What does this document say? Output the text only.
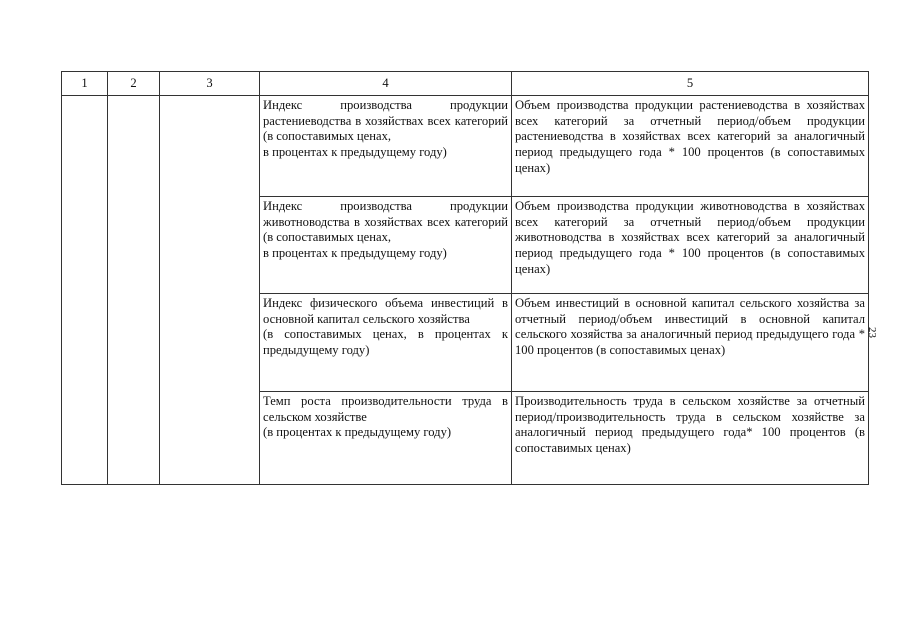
1	2	3	4	5
			Индекс производства продукции растениеводства в хозяйствах всех категорий (в сопоставимых ценах,
в процентах к предыдущему году)	Объем производства продукции растениеводства в хозяйствах всех категорий за отчетный период/объем продукции растениеводства в хозяйствах всех категорий за аналогичный период предыдущего года * 100 процентов (в сопоставимых ценах)
			Индекс производства продукции животноводства в хозяйствах всех категорий (в сопоставимых ценах,
в процентах к предыдущему году)	Объем производства продукции животноводства в хозяйствах всех категорий за отчетный период/объем продукции животноводства в хозяйствах всех категорий за аналогичный период предыдущего года * 100 процентов (в сопоставимых ценах)
			Индекс физического объема инвестиций в основной капитал сельского хозяйства
(в сопоставимых ценах, в процентах к предыдущему году)	Объем инвестиций в основной капитал сельского хозяйства за отчетный период/объем инвестиций в основной капитал сельского хозяйства за аналогичный период предыдущего года * 100 процентов (в сопоставимых ценах)
			Темп роста производительности труда в сельском хозяйстве
(в процентах к предыдущему году)	Производительность труда в сельском хозяйстве за отчетный период/производительность труда в сельском хозяйстве за аналогичный период предыдущего года* 100 процентов (в сопоставимых ценах)
23
